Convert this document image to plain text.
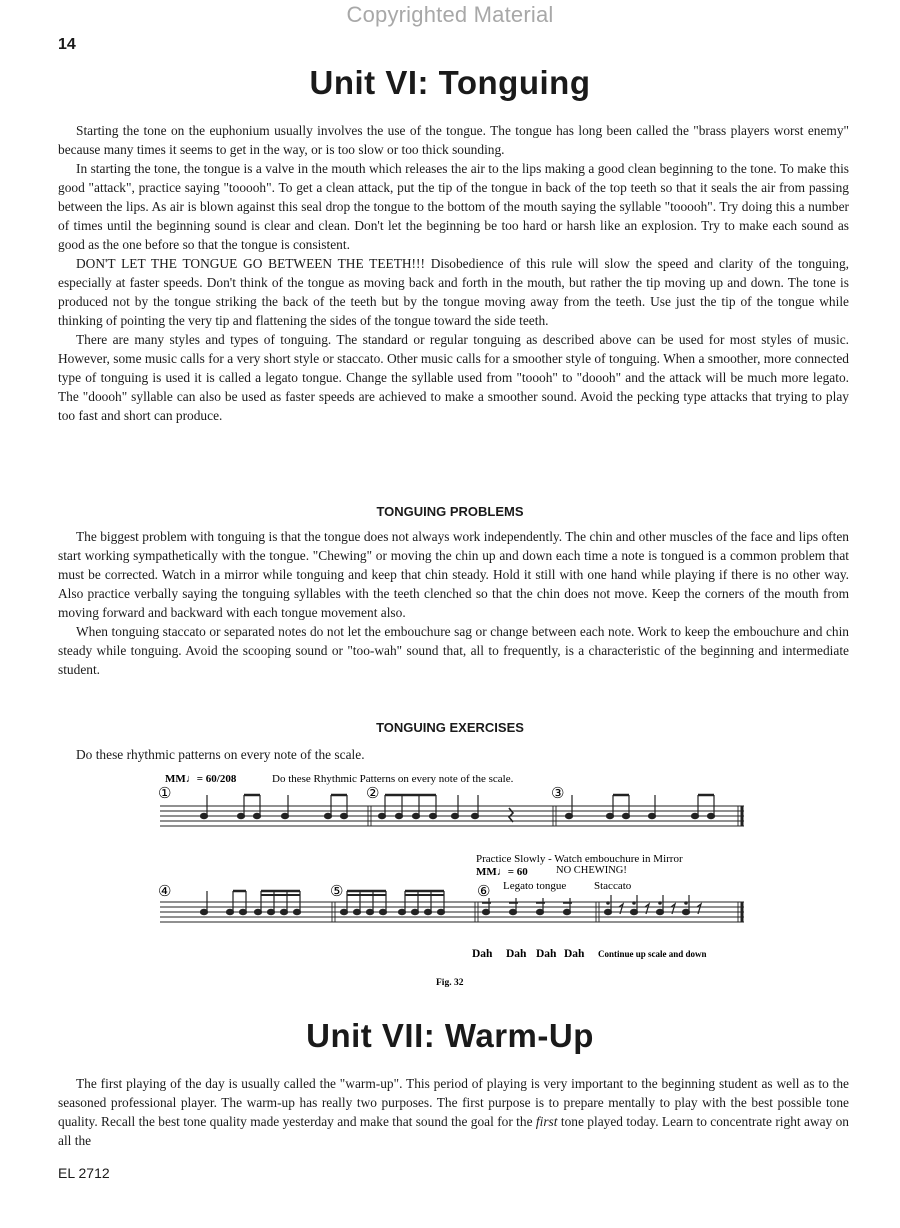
Copyrighted Material
14
Unit VI: Tonguing

Starting the tone on the euphonium usually involves the use of the tongue. The tongue has long been called the "brass players worst enemy" because many times it seems to get in the way, or is too slow or too thick sounding.

In starting the tone, the tongue is a valve in the mouth which releases the air to the lips making a good clean beginning to the tone. To make this good "attack", practice saying "tooooh". To get a clean attack, put the tip of the tongue in back of the top teeth so that it seals the air from passing between the lips. As air is blown against this seal drop the tongue to the bottom of the mouth saying the syllable "tooooh". Try doing this a number of times until the beginning sound is clear and clean. Don't let the beginning be too hard or harsh like an explosion. Try to make each sound as good as the one before so that the tongue is consistent.

DON'T LET THE TONGUE GO BETWEEN THE TEETH!!! Disobedience of this rule will slow the speed and clarity of the tonguing, especially at faster speeds. Don't think of the tongue as moving back and forth in the mouth, but rather the tip moving up and down. The tone is produced not by the tongue striking the back of the teeth but by the tongue moving away from the teeth. Use just the tip of the tongue while thinking of pointing the very tip and flattening the sides of the tongue toward the side teeth.

There are many styles and types of tonguing. The standard or regular tonguing as described above can be used for most styles of music. However, some music calls for a very short style or staccato. Other music calls for a smoother style of tonguing. When a smoother, more connected type of tonguing is used it is called a legato tongue. Change the syllable used from "toooh" to "doooh" and the attack will be much more legato. The "doooh" syllable can also be used as faster speeds are achieved to make a smoother sound. Avoid the pecking type attacks that trying to play too fast and short can produce.

TONGUING PROBLEMS

The biggest problem with tonguing is that the tongue does not always work independently. The chin and other muscles of the face and lips often start working sympathetically with the tongue. "Chewing" or moving the chin up and down each time a note is tongued is a common problem that must be corrected. Watch in a mirror while tonguing and keep that chin steady. Hold it still with one hand while playing if there is no other way. Also practice verbally saying the tonguing syllables with the teeth clenched so that the chin does not move. Keep the corners of the mouth from moving forward and backward with each tongue movement also.

When tonguing staccato or separated notes do not let the embouchure sag or change between each note. Work to keep the embouchure and chin steady while tonguing. Avoid the scooping sound or "too-wah" sound that, all to frequently, is a characteristic of the beginning and intermediate student.

TONGUING EXERCISES

Do these rhythmic patterns on every note of the scale.

MM♩= 60/208	Do these Rhythmic Patterns on every note of the scale.
①	②	③
Practice Slowly - Watch embouchure in Mirror
MM♩= 60	NO CHEWING!
④	⑤	⑥ Legato tongue	Staccato
Dah Dah Dah Dah Continue up scale and down
Fig. 32
Unit VII: Warm-Up

The first playing of the day is usually called the "warm-up". This period of playing is very important to the beginning student as well as to the seasoned professional player. The warm-up has really two purposes. The first purpose is to prepare mentally to play with the best possible tone quality. Recall the best tone quality made yesterday and make that sound the goal for the first tone played today. Learn to concentrate right away on all the

EL 2712
